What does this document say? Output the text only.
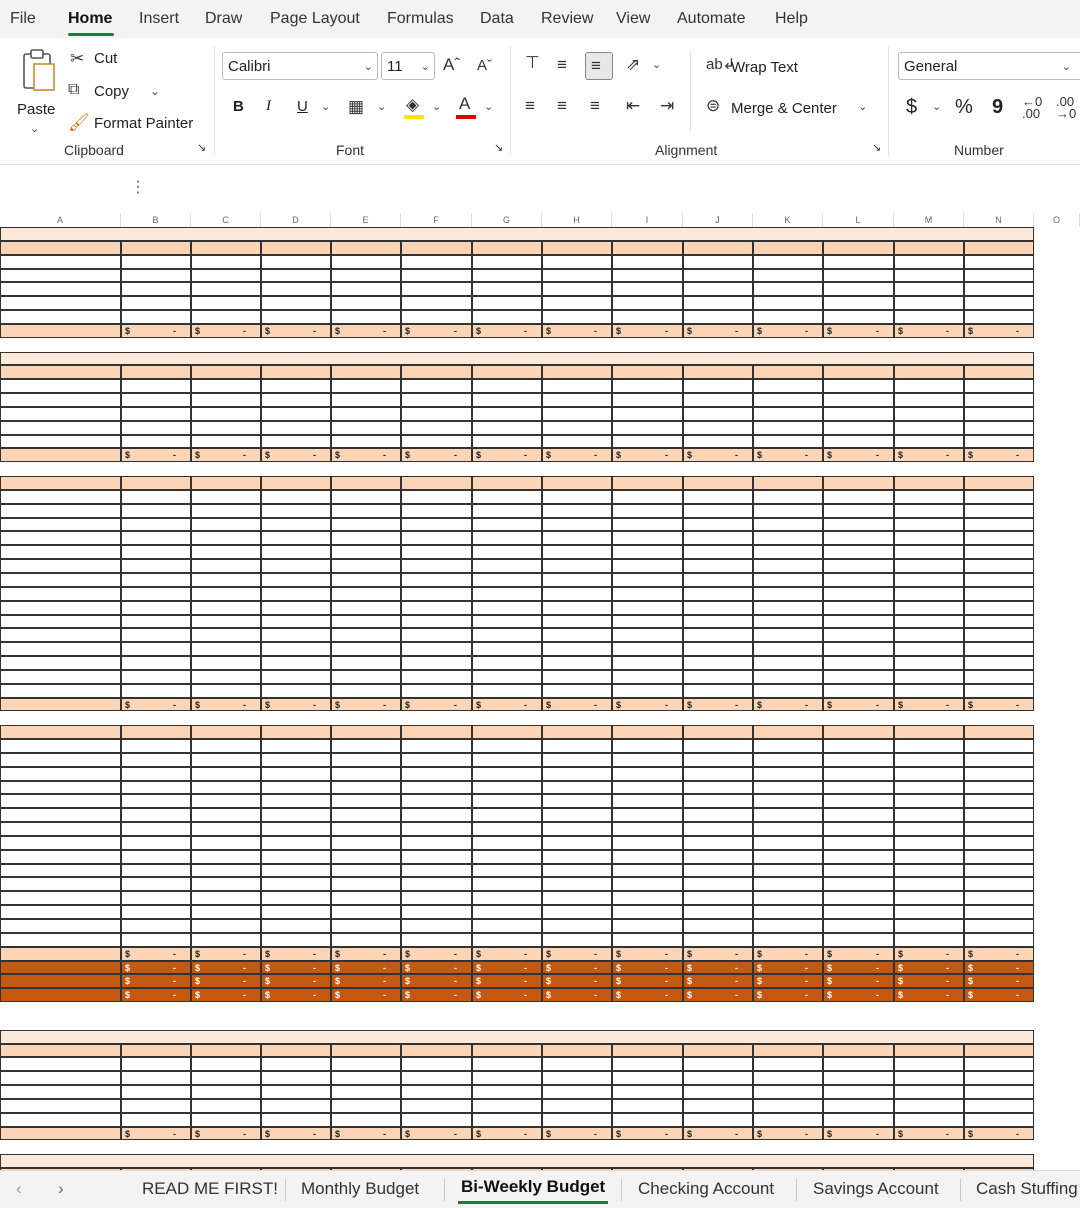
File Home Insert Draw Page Layout Formulas Data Review View Automate Help
Paste
⌄
✂ Cut
⧉ Copy ⌄
🖌 Format Painter
Clipboard	↘
Calibri	⌄ 11 ⌄ Aˆ Aˇ
B I U ⌄ ▦ ⌄ ◈ ⌄ A ⌄
Font	↘
⊤ ≡ ≡ ⇗ ⌄
≡ ≡ ≡ ⇤ ⇥
ab↲
Wrap Text
⊜ Merge & Center ⌄
Alignment	↘
General	⌄
$ ⌄ % 9 ←0
.00
.00
→0
Number
⋮
A	B	C	D	E	F	G	H	I	J	K	L	M	N	O
$	-	$	-	$	-	$	-	$	-	$	-	$	-	$	-	$	-	$	-	$	-	$	-	$	-
$	-	$	-	$	-	$	-	$	-	$	-	$	-	$	-	$	-	$	-	$	-	$	-	$	-
$	-	$	-	$	-	$	-	$	-	$	-	$	-	$	-	$	-	$	-	$	-	$	-	$	-
$	-	$	-	$	-	$	-	$	-	$	-	$	-	$	-	$	-	$	-	$	-	$	-	$	-
$	-	$	-	$	-	$	-	$	-	$	-	$	-	$	-	$	-	$	-	$	-	$	-	$	-
$	-	$	-	$	-	$	-	$	-	$	-	$	-	$	-	$	-	$	-	$	-	$	-	$	-
$	-	$	-	$	-	$	-	$	-	$	-	$	-	$	-	$	-	$	-	$	-	$	-	$	-
$	-	$	-	$	-	$	-	$	-	$	-	$	-	$	-	$	-	$	-	$	-	$	-	$	-
‹ ›	READ ME FIRST! Monthly Budget Bi-Weekly Budget Checking Account Savings Account Cash Stuffing
